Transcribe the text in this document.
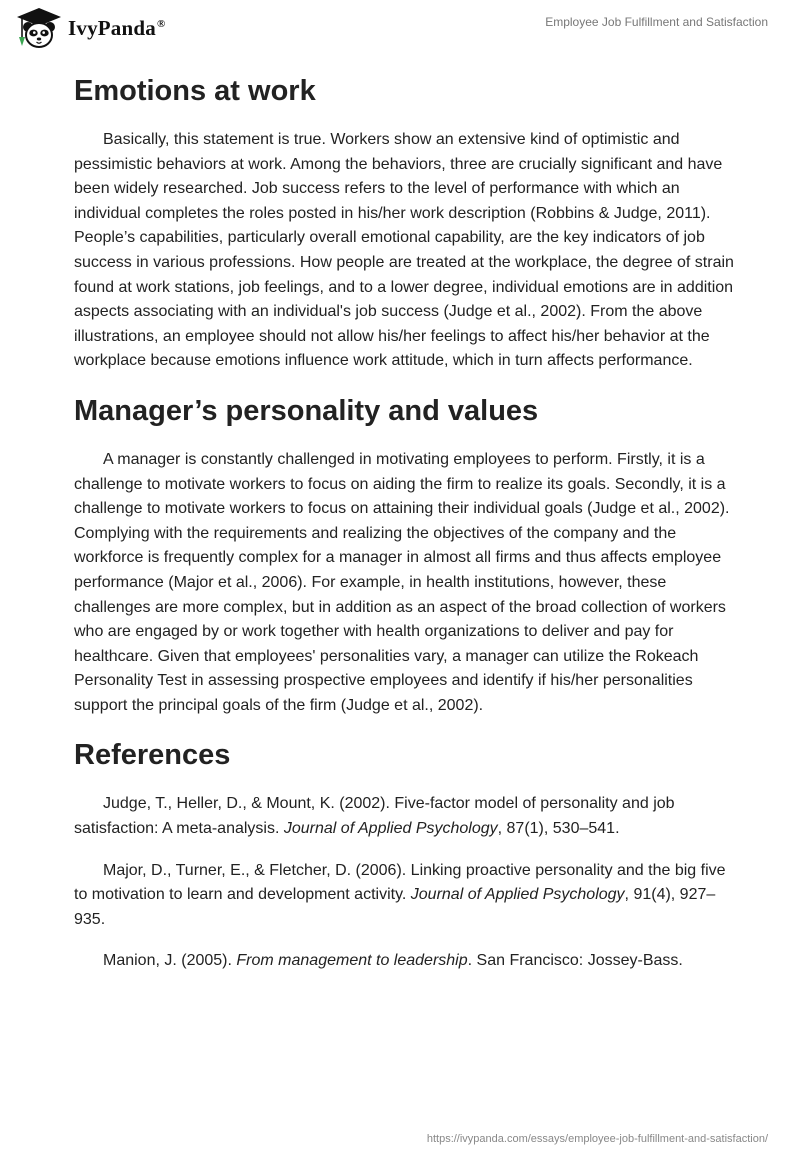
IvyPanda®	Employee Job Fulfillment and Satisfaction
Emotions at work

Basically, this statement is true. Workers show an extensive kind of optimistic and pessimistic behaviors at work. Among the behaviors, three are crucially significant and have been widely researched. Job success refers to the level of performance with which an individual completes the roles posted in his/her work description (Robbins & Judge, 2011). People’s capabilities, particularly overall emotional capability, are the key indicators of job success in various professions. How people are treated at the workplace, the degree of strain found at work stations, job feelings, and to a lower degree, individual emotions are in addition aspects associating with an individual's job success (Judge et al., 2002). From the above illustrations, an employee should not allow his/her feelings to affect his/her behavior at the workplace because emotions influence work attitude, which in turn affects performance.

Manager’s personality and values

A manager is constantly challenged in motivating employees to perform. Firstly, it is a challenge to motivate workers to focus on aiding the firm to realize its goals. Secondly, it is a challenge to motivate workers to focus on attaining their individual goals (Judge et al., 2002). Complying with the requirements and realizing the objectives of the company and the workforce is frequently complex for a manager in almost all firms and thus affects employee performance (Major et al., 2006). For example, in health institutions, however, these challenges are more complex, but in addition as an aspect of the broad collection of workers who are engaged by or work together with health organizations to deliver and pay for healthcare. Given that employees' personalities vary, a manager can utilize the Rokeach Personality Test in assessing prospective employees and identify if his/her personalities support the principal goals of the firm (Judge et al., 2002).

References

Judge, T., Heller, D., & Mount, K. (2002). Five-factor model of personality and job satisfaction: A meta-analysis. Journal of Applied Psychology, 87(1), 530–541.

Major, D., Turner, E., & Fletcher, D. (2006). Linking proactive personality and the big five to motivation to learn and development activity. Journal of Applied Psychology, 91(4), 927–935.

Manion, J. (2005). From management to leadership. San Francisco: Jossey-Bass.

https://ivypanda.com/essays/employee-job-fulfillment-and-satisfaction/
